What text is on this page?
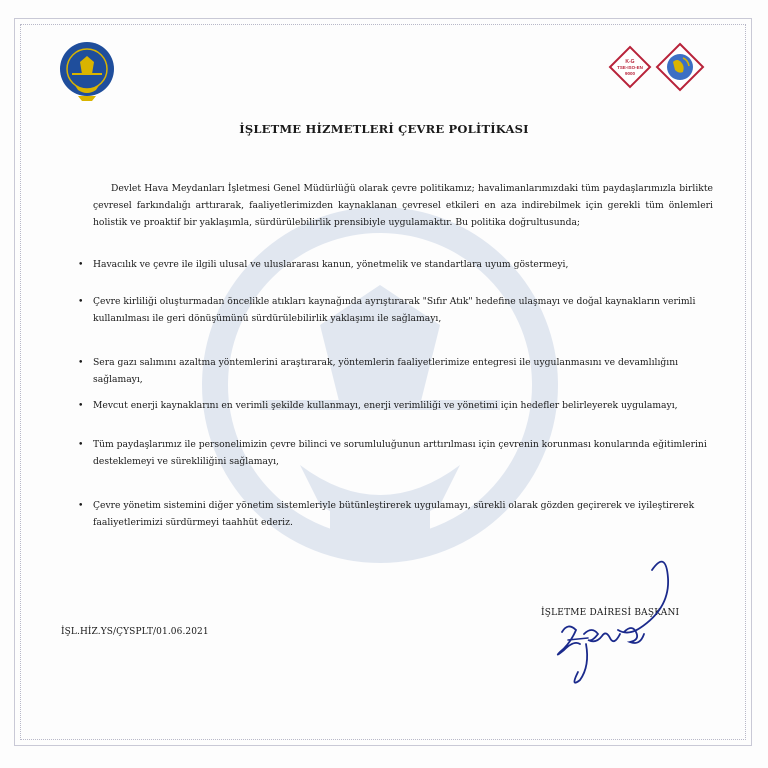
K-G
TSE-ISO-EN
9000
İŞLETME HİZMETLERİ ÇEVRE POLİTİKASI
Devlet Hava Meydanları İşletmesi Genel Müdürlüğü olarak çevre politikamız; havalimanlarımızdaki tüm paydaşlarımızla birlikte çevresel farkındalığı arttırarak, faaliyetlerimizden kaynaklanan çevresel etkileri en aza indirebilmek için gerekli tüm önlemleri holistik ve proaktif bir yaklaşımla, sürdürülebilirlik prensibiyle uygulamaktır. Bu politika doğrultusunda;
•	Havacılık ve çevre ile ilgili ulusal ve uluslararası kanun, yönetmelik ve standartlara uyum göstermeyi,
•	Çevre kirliliği oluşturmadan öncelikle atıkları kaynağında ayrıştırarak "Sıfır Atık" hedefine ulaşmayı ve doğal kaynakların verimli kullanılması ile geri dönüşümünü sürdürülebilirlik yaklaşımı ile sağlamayı,
•	Sera gazı salımını azaltma yöntemlerini araştırarak, yöntemlerin faaliyetlerimize entegresi ile uygulanmasını ve devamlılığını sağlamayı,
•	Mevcut enerji kaynaklarını en verimli şekilde kullanmayı, enerji verimliliği ve yönetimi için hedefler belirleyerek uygulamayı,
•	Tüm paydaşlarımız ile personelimizin çevre bilinci ve sorumluluğunun arttırılması için çevrenin korunması konularında eğitimlerini desteklemeyi ve sürekliliğini sağlamayı,
•	Çevre yönetim sistemini diğer yönetim sistemleriyle bütünleştirerek uygulamayı, sürekli olarak gözden geçirerek ve iyileştirerek faaliyetlerimizi sürdürmeyi taahhüt ederiz.
İŞL.HİZ.YS/ÇYSPLT/01.06.2021
İŞLETME DAİRESİ BAŞKANI
